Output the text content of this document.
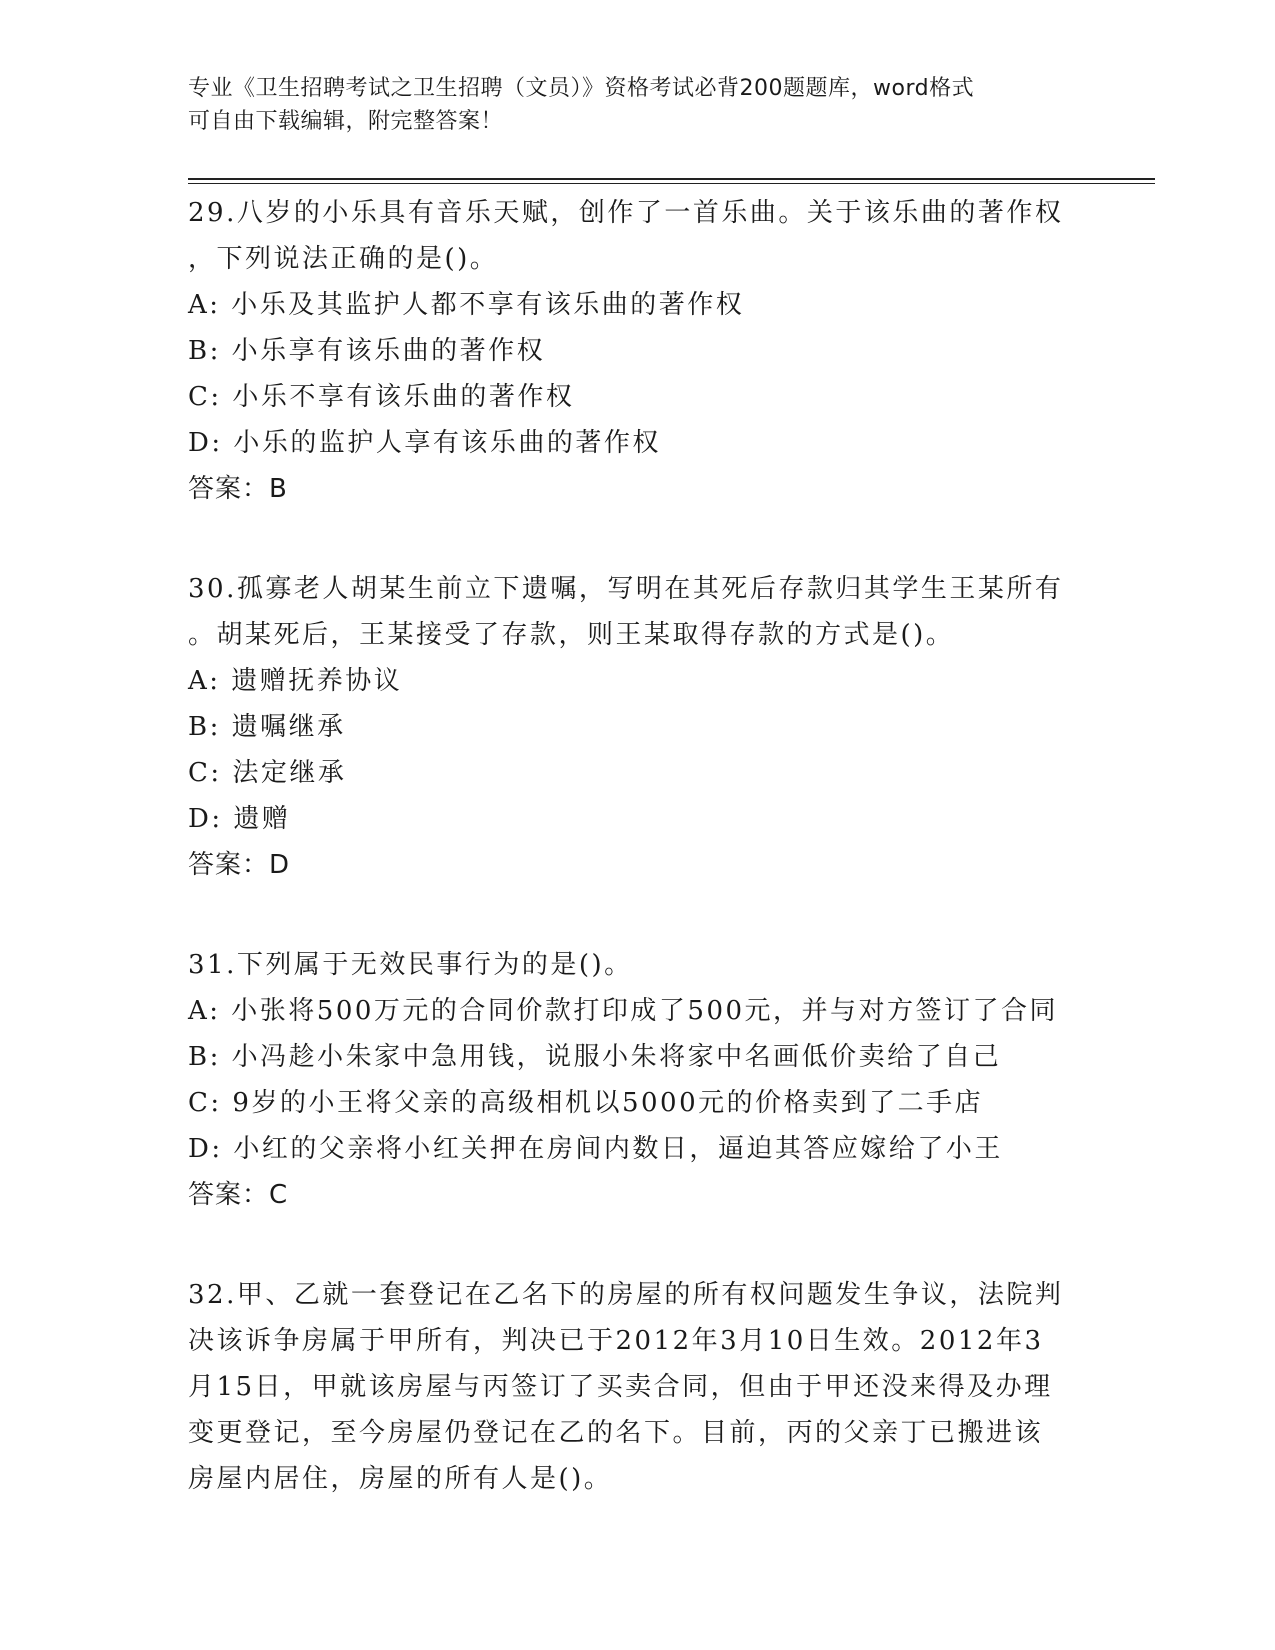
专业《卫生招聘考试之卫生招聘（文员）》资格考试必背200题题库，word格式
可自由下载编辑，附完整答案！
29.八岁的小乐具有音乐天赋，创作了一首乐曲。关于该乐曲的著作权
，下列说法正确的是()。
A: 小乐及其监护人都不享有该乐曲的著作权
B: 小乐享有该乐曲的著作权
C: 小乐不享有该乐曲的著作权
D: 小乐的监护人享有该乐曲的著作权
答案：B
30.孤寡老人胡某生前立下遗嘱，写明在其死后存款归其学生王某所有
。胡某死后，王某接受了存款，则王某取得存款的方式是()。
A: 遗赠抚养协议
B: 遗嘱继承
C: 法定继承
D: 遗赠
答案：D
31.下列属于无效民事行为的是()。
A: 小张将500万元的合同价款打印成了500元，并与对方签订了合同
B: 小冯趁小朱家中急用钱，说服小朱将家中名画低价卖给了自己
C: 9岁的小王将父亲的高级相机以5000元的价格卖到了二手店
D: 小红的父亲将小红关押在房间内数日，逼迫其答应嫁给了小王
答案：C
32.甲、乙就一套登记在乙名下的房屋的所有权问题发生争议，法院判
决该诉争房属于甲所有，判决已于2012年3月10日生效。2012年3
月15日，甲就该房屋与丙签订了买卖合同，但由于甲还没来得及办理
变更登记，至今房屋仍登记在乙的名下。目前，丙的父亲丁已搬进该
房屋内居住，房屋的所有人是()。
